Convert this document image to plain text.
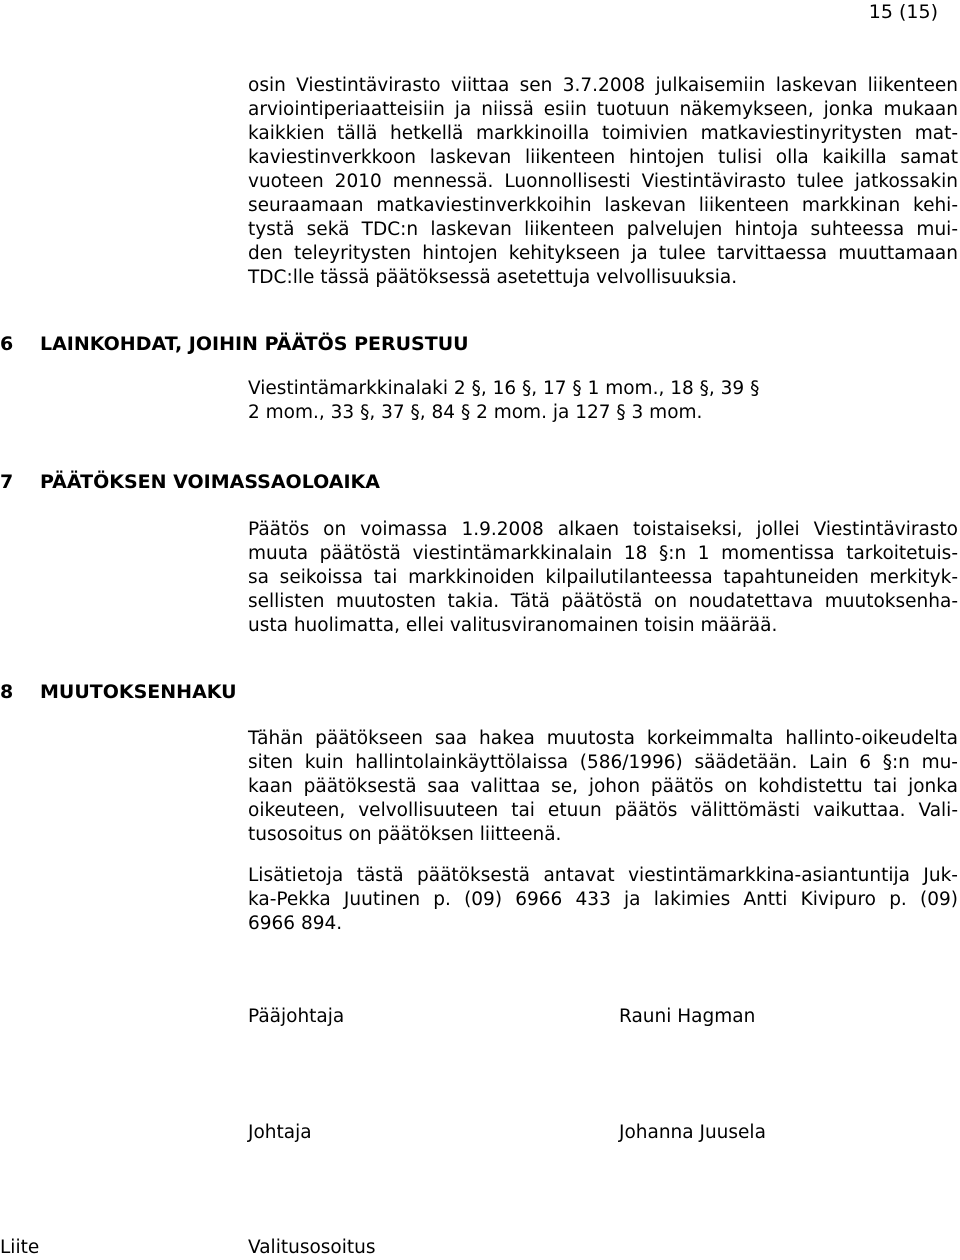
15 (15)
osin Viestintävirasto viittaa sen 3.7.2008 julkaisemiin laskevan liikenteen
arviointiperiaatteisiin ja niissä esiin tuotuun näkemykseen, jonka mukaan
kaikkien tällä hetkellä markkinoilla toimivien matkaviestinyritysten mat-
kaviestinverkkoon laskevan liikenteen hintojen tulisi olla kaikilla samat
vuoteen 2010 mennessä. Luonnollisesti Viestintävirasto tulee jatkossakin
seuraamaan matkaviestinverkkoihin laskevan liikenteen markkinan kehi-
tystä sekä TDC:n laskevan liikenteen palvelujen hintoja suhteessa mui-
den teleyritysten hintojen kehitykseen ja tulee tarvittaessa muuttamaan
TDC:lle tässä päätöksessä asetettuja velvollisuuksia.
6 LAINKOHDAT, JOIHIN PÄÄTÖS PERUSTUU
Viestintämarkkinalaki 2 §, 16 §, 17 § 1 mom., 18 §, 39 §
2 mom., 33 §, 37 §, 84 § 2 mom. ja 127 § 3 mom.
7 PÄÄTÖKSEN VOIMASSAOLOAIKA
Päätös on voimassa 1.9.2008 alkaen toistaiseksi, jollei Viestintävirasto
muuta päätöstä viestintämarkkinalain 18 §:n 1 momentissa tarkoitetuis-
sa seikoissa tai markkinoiden kilpailutilanteessa tapahtuneiden merkityk-
sellisten muutosten takia. Tätä päätöstä on noudatettava muutoksenha-
usta huolimatta, ellei valitusviranomainen toisin määrää.
8 MUUTOKSENHAKU
Tähän päätökseen saa hakea muutosta korkeimmalta hallinto-oikeudelta
siten kuin hallintolainkäyttölaissa (586/1996) säädetään. Lain 6 §:n mu-
kaan päätöksestä saa valittaa se, johon päätös on kohdistettu tai jonka
oikeuteen, velvollisuuteen tai etuun päätös välittömästi vaikuttaa. Vali-
tusosoitus on päätöksen liitteenä.
Lisätietoja tästä päätöksestä antavat viestintämarkkina-asiantuntija Juk-
ka-Pekka Juutinen p. (09) 6966 433 ja lakimies Antti Kivipuro p. (09)
6966 894.
Pääjohtaja	Rauni Hagman
Johtaja	Johanna Juusela
Liite	Valitusosoitus
